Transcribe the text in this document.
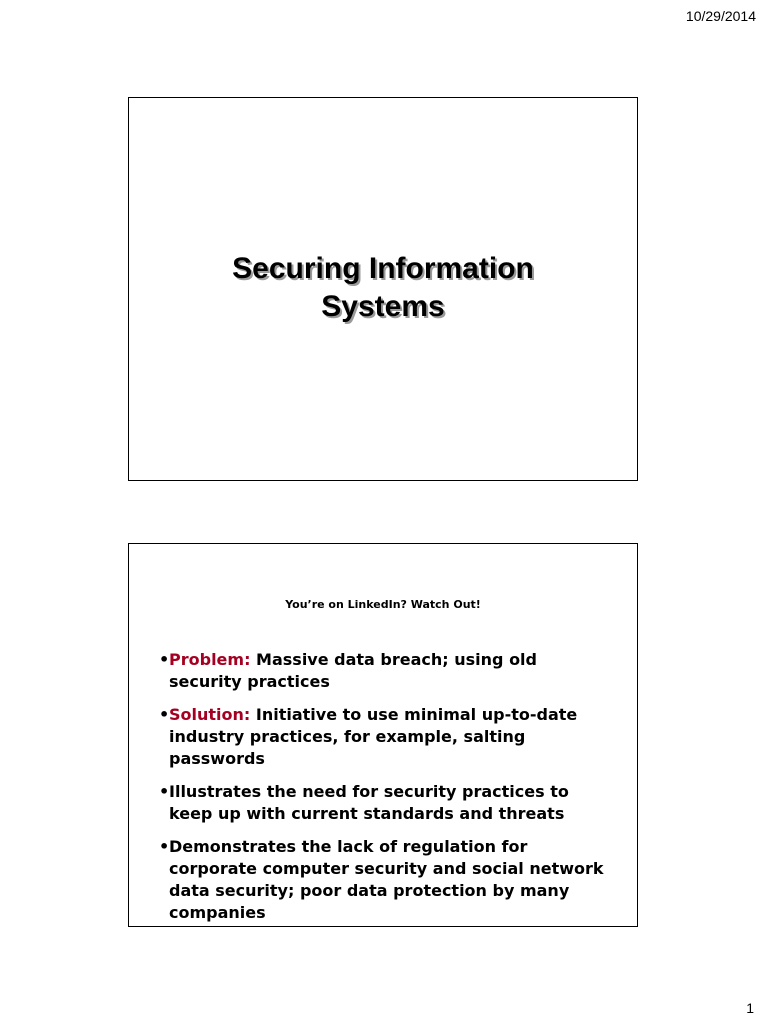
10/29/2014
Securing Information
Systems
You’re on LinkedIn? Watch Out!
• Problem: Massive data breach; using old security practices
• Solution: Initiative to use minimal up-to-date industry practices, for example, salting passwords
• Illustrates the need for security practices to keep up with current standards and threats
• Demonstrates the lack of regulation for corporate computer security and social network data security; poor data protection by many companies
1
